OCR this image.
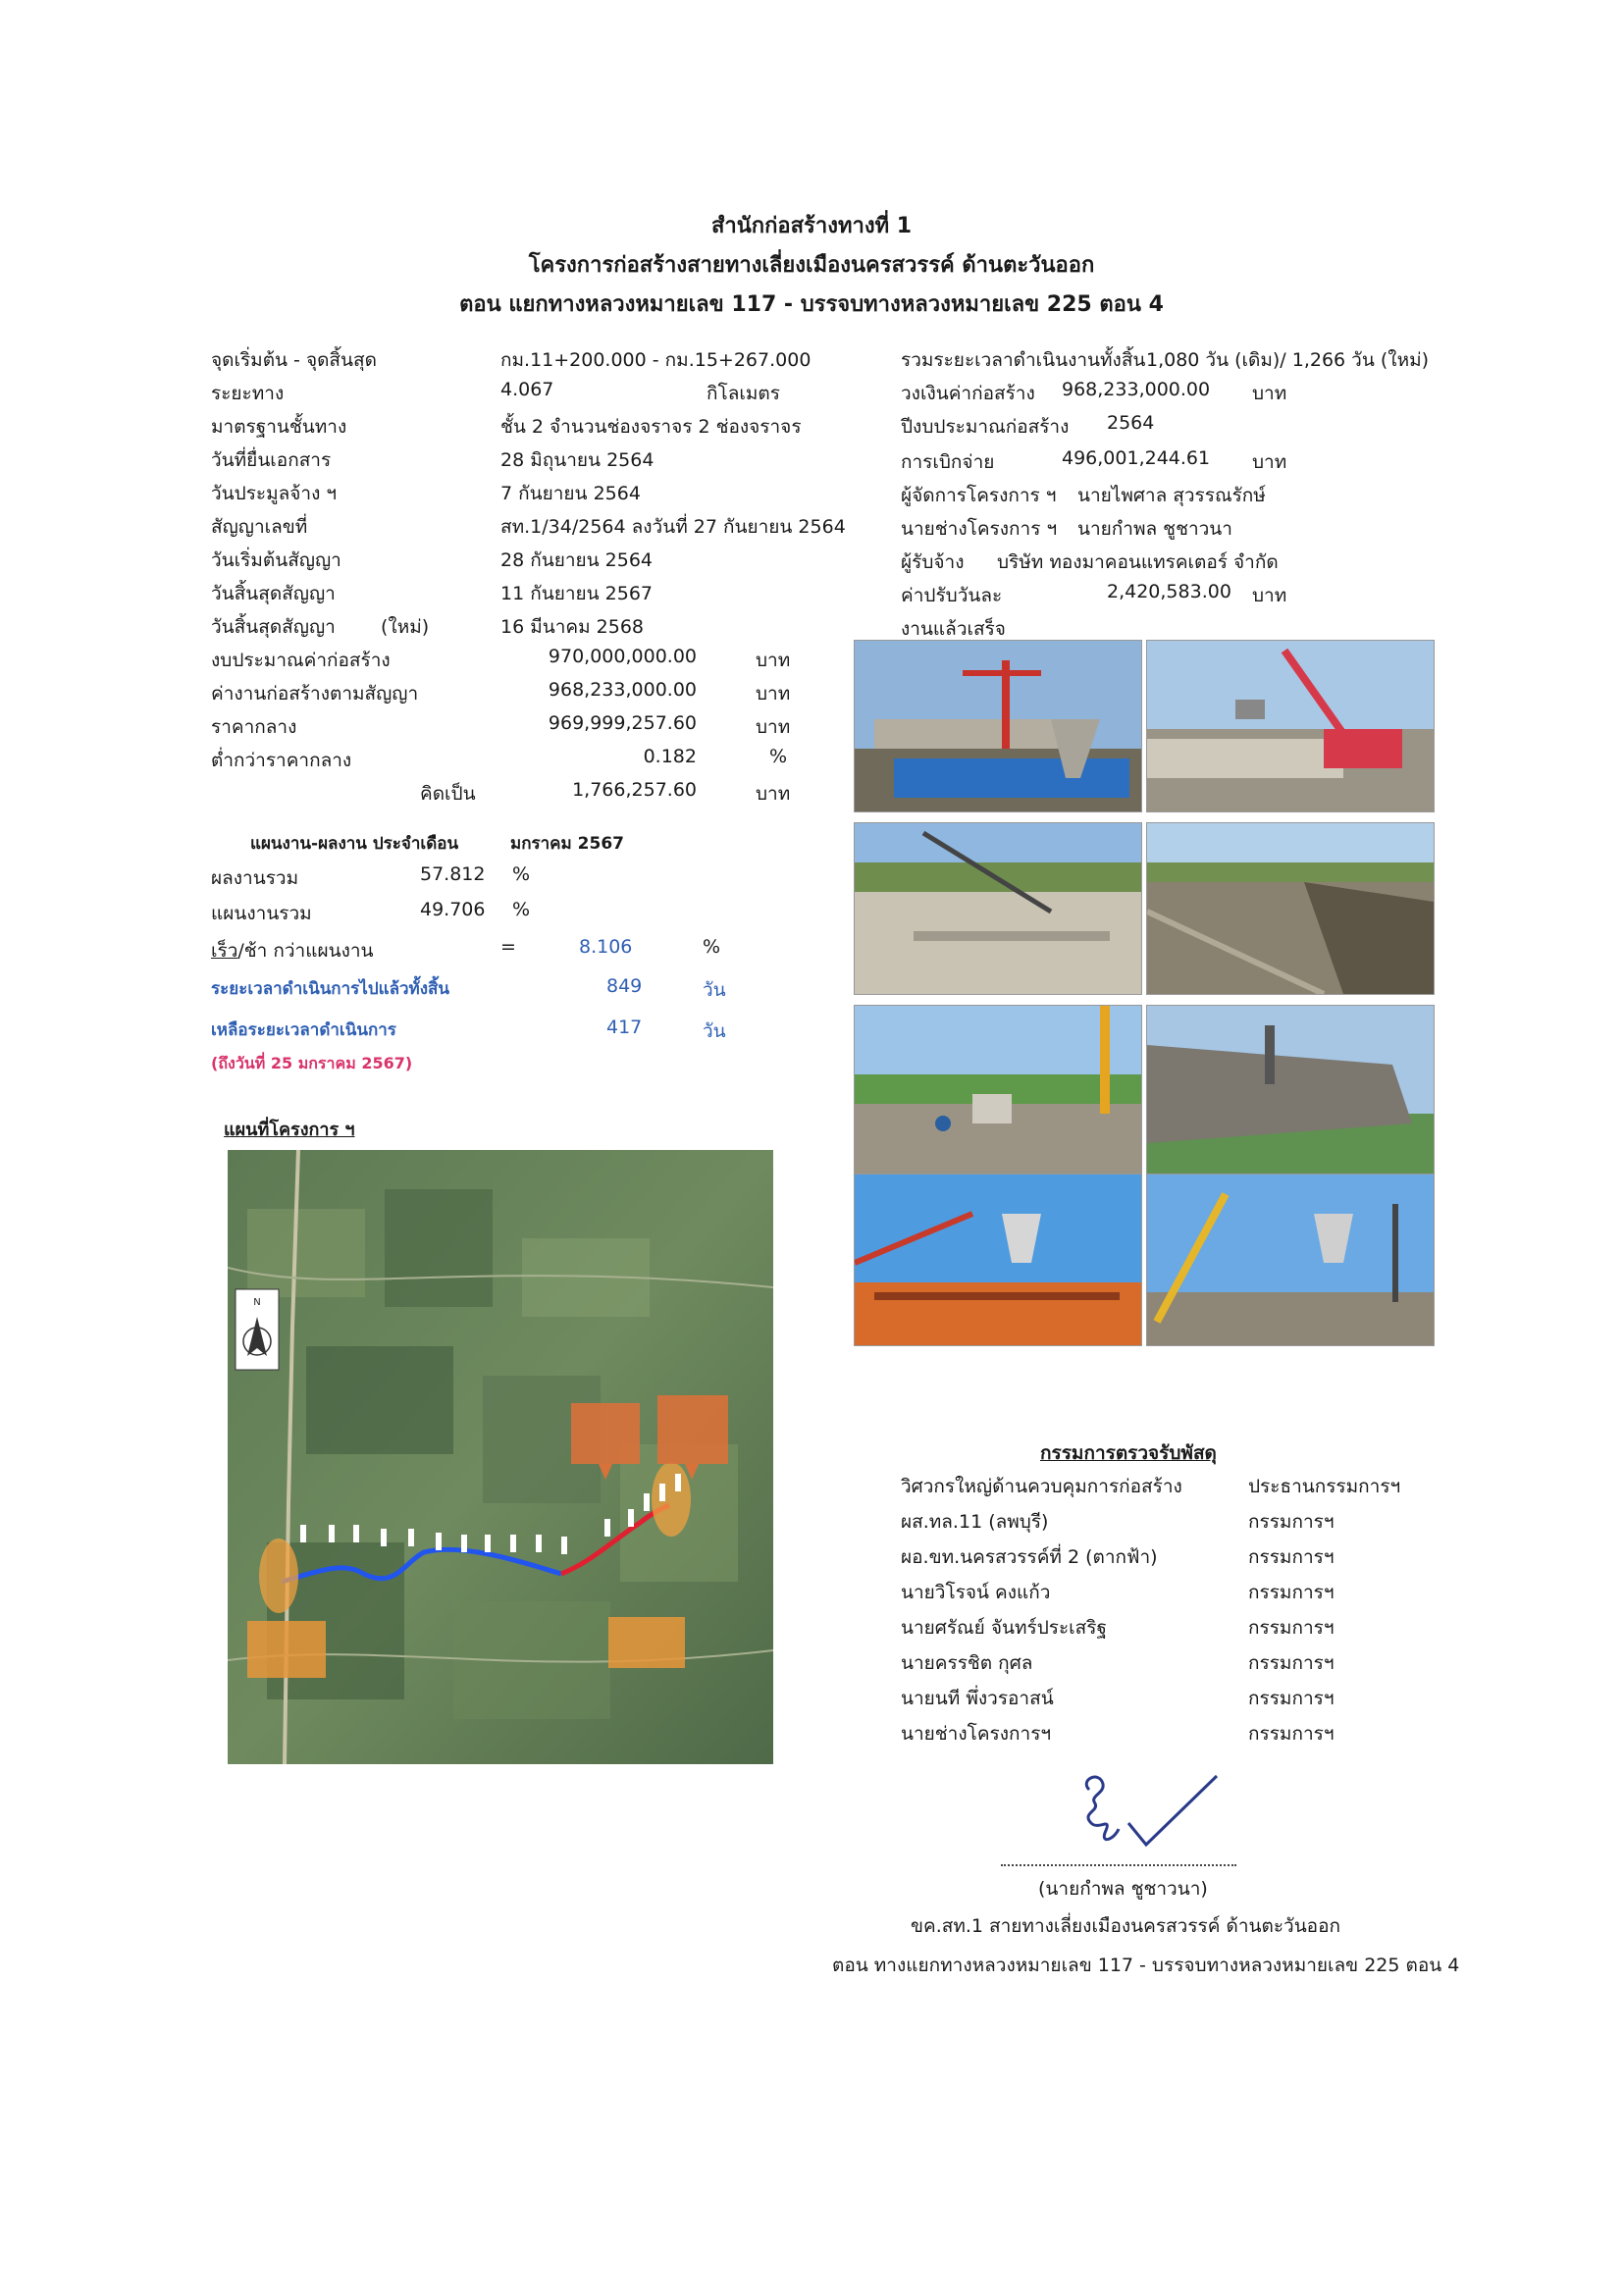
สำนักก่อสร้างทางที่ 1
โครงการก่อสร้างสายทางเลี่ยงเมืองนครสวรรค์ ด้านตะวันออก
ตอน แยกทางหลวงหมายเลข 117 - บรรจบทางหลวงหมายเลข 225 ตอน 4
จุดเริ่มต้น - จุดสิ้นสุด	กม.11+200.000 - กม.15+267.000
ระยะทาง	4.067	กิโลเมตร
มาตรฐานชั้นทาง	ชั้น 2 จำนวนช่องจราจร 2 ช่องจราจร
วันที่ยื่นเอกสาร	28 มิถุนายน 2564
วันประมูลจ้าง ฯ	7 กันยายน 2564
สัญญาเลขที่	สท.1/34/2564 ลงวันที่ 27 กันยายน 2564
วันเริ่มต้นสัญญา	28 กันยายน 2564
วันสิ้นสุดสัญญา	11 กันยายน 2567
วันสิ้นสุดสัญญา (ใหม่)	16 มีนาคม 2568
งบประมาณค่าก่อสร้าง	970,000,000.00	บาท
ค่างานก่อสร้างตามสัญญา	968,233,000.00	บาท
ราคากลาง	969,999,257.60	บาท
ต่ำกว่าราคากลาง	0.182	%
คิดเป็น	1,766,257.60	บาท
แผนงาน-ผลงาน ประจำเดือน	มกราคม 2567
ผลงานรวม	57.812 %
แผนงานรวม	49.706 %
เร็ว/ช้า กว่าแผนงาน	=	8.106	%
ระยะเวลาดำเนินการไปแล้วทั้งสิ้น	849	วัน
เหลือระยะเวลาดำเนินการ	417	วัน
(ถึงวันที่ 25 มกราคม 2567)
แผนที่โครงการ ฯ
N
รวมระยะเวลาดำเนินงานทั้งสิ้น 1,080 วัน (เดิม)/ 1,266 วัน (ใหม่)
วงเงินค่าก่อสร้าง 968,233,000.00 บาท
ปีงบประมาณก่อสร้าง 2564
การเบิกจ่าย	496,001,244.61 บาท
ผู้จัดการโครงการ ฯ นายไพศาล สุวรรณรักษ์
นายช่างโครงการ ฯ นายกำพล ชูชาวนา
ผู้รับจ้าง บริษัท ทองมาคอนแทรคเตอร์ จำกัด
ค่าปรับวันละ	2,420,583.00 บาท
งานแล้วเสร็จ
กรรมการตรวจรับพัสดุ
วิศวกรใหญ่ด้านควบคุมการก่อสร้าง	ประธานกรรมการฯ
ผส.ทล.11 (ลพบุรี)	กรรมการฯ
ผอ.ขท.นครสวรรค์ที่ 2 (ตากฟ้า)	กรรมการฯ
นายวิโรจน์ คงแก้ว	กรรมการฯ
นายศรัณย์ จันทร์ประเสริฐ	กรรมการฯ
นายครรชิต กุศล	กรรมการฯ
นายนที พึ่งวรอาสน์	กรรมการฯ
นายช่างโครงการฯ	กรรมการฯ
(นายกำพล ชูชาวนา)
ขค.สท.1 สายทางเลี่ยงเมืองนครสวรรค์ ด้านตะวันออก
ตอน ทางแยกทางหลวงหมายเลข 117 - บรรจบทางหลวงหมายเลข 225 ตอน 4
